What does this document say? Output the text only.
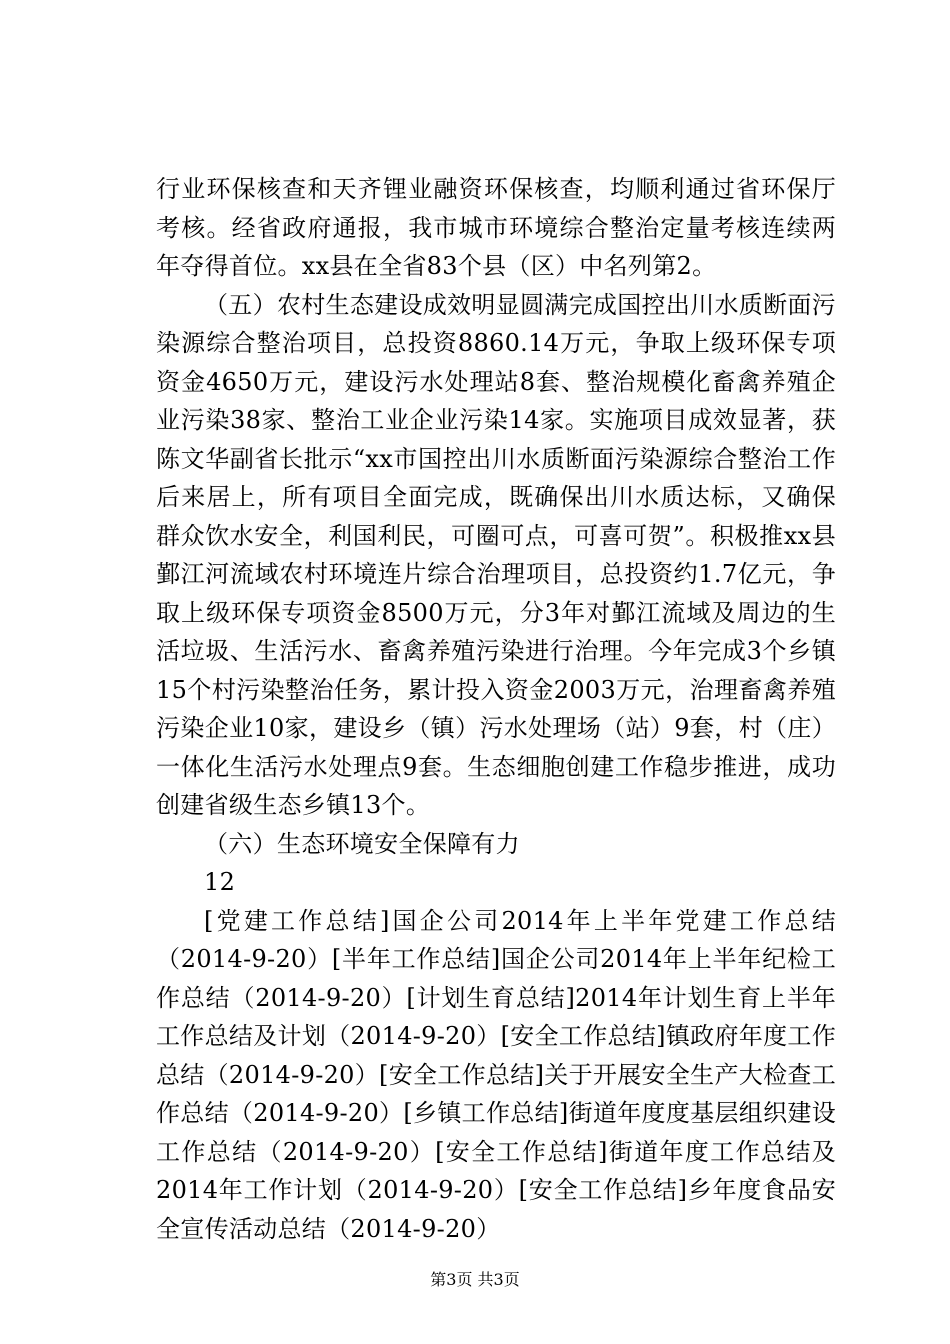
行业环保核查和天齐锂业融资环保核查，均顺利通过省环保厅考核。经省政府通报，我市城市环境综合整治定量考核连续两年夺得首位。xx县在全省83个县（区）中名列第2。

（五）农村生态建设成效明显圆满完成国控出川水质断面污染源综合整治项目，总投资8860.14万元，争取上级环保专项资金4650万元，建设污水处理站8套、整治规模化畜禽养殖企业污染38家、整治工业企业污染14家。实施项目成效显著，获陈文华副省长批示“xx市国控出川水质断面污染源综合整治工作后来居上，所有项目全面完成，既确保出川水质达标，又确保群众饮水安全，利国利民，可圈可点，可喜可贺”。积极推xx县鄞江河流域农村环境连片综合治理项目，总投资约1.7亿元，争取上级环保专项资金8500万元，分3年对鄞江流域及周边的生活垃圾、生活污水、畜禽养殖污染进行治理。今年完成3个乡镇15个村污染整治任务，累计投入资金2003万元，治理畜禽养殖污染企业10家，建设乡（镇）污水处理场（站）9套，村（庄）一体化生活污水处理点9套。生态细胞创建工作稳步推进，成功创建省级生态乡镇13个。

（六）生态环境安全保障有力

12

[党建工作总结]国企公司2014年上半年党建工作总结（2014-9-20）[半年工作总结]国企公司2014年上半年纪检工作总结（2014-9-20）[计划生育总结]2014年计划生育上半年工作总结及计划（2014-9-20）[安全工作总结]镇政府年度工作总结（2014-9-20）[安全工作总结]关于开展安全生产大检查工作总结（2014-9-20）[乡镇工作总结]街道年度度基层组织建设工作总结（2014-9-20）[安全工作总结]街道年度工作总结及2014年工作计划（2014-9-20）[安全工作总结]乡年度食品安全宣传活动总结（2014-9-20）

第3页 共3页
